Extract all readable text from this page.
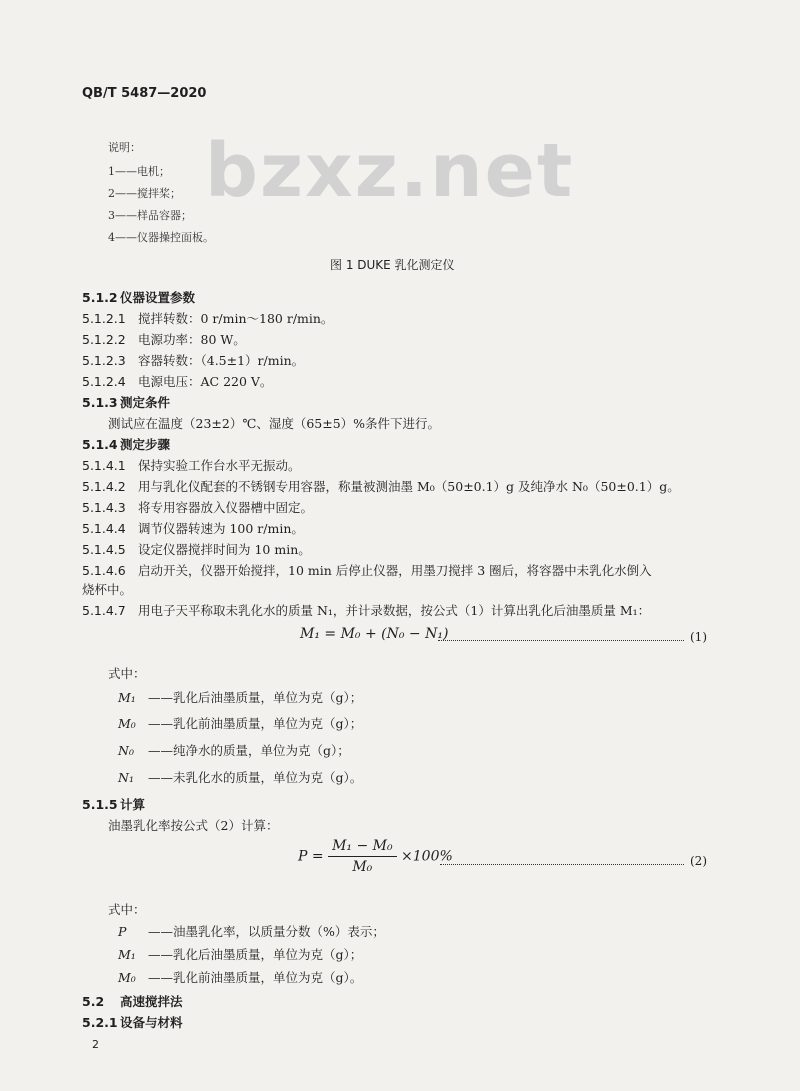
QB/T 5487—2020
bzxz.net
说明：
1——电机；
2——搅拌桨；
3——样品容器；
4——仪器操控面板。
图 1 DUKE 乳化测定仪
5.1.2 仪器设置参数
5.1.2.1 搅拌转数：0 r/min～180 r/min。
5.1.2.2 电源功率：80 W。
5.1.2.3 容器转数：（4.5±1）r/min。
5.1.2.4 电源电压：AC 220 V。
5.1.3 测定条件
测试应在温度（23±2）℃、湿度（65±5）%条件下进行。
5.1.4 测定步骤
5.1.4.1 保持实验工作台水平无振动。
5.1.4.2 用与乳化仪配套的不锈钢专用容器，称量被测油墨 M₀（50±0.1）g 及纯净水 N₀（50±0.1）g。
5.1.4.3 将专用容器放入仪器槽中固定。
5.1.4.4 调节仪器转速为 100 r/min。
5.1.4.5 设定仪器搅拌时间为 10 min。
5.1.4.6 启动开关，仪器开始搅拌，10 min 后停止仪器，用墨刀搅拌 3 圈后，将容器中未乳化水倒入
烧杯中。
5.1.4.7 用电子天平称取未乳化水的质量 N₁，并计录数据，按公式（1）计算出乳化后油墨质量 M₁：
M₁ = M₀ + (N₀ − N₁)	(1)
式中：
M₁ ——乳化后油墨质量，单位为克（g）；
M₀ ——乳化前油墨质量，单位为克（g）；
N₀ ——纯净水的质量，单位为克（g）；
N₁ ——未乳化水的质量，单位为克（g）。
5.1.5 计算
油墨乳化率按公式（2）计算：
$P = \frac{\text{M₁ − M₀}}{\text{M₀}} \times 100\%$	(2)
式中：
P ——油墨乳化率，以质量分数（%）表示；
M₁ ——乳化后油墨质量，单位为克（g）；
M₀ ——乳化前油墨质量，单位为克（g）。
5.2 高速搅拌法
5.2.1 设备与材料
2
